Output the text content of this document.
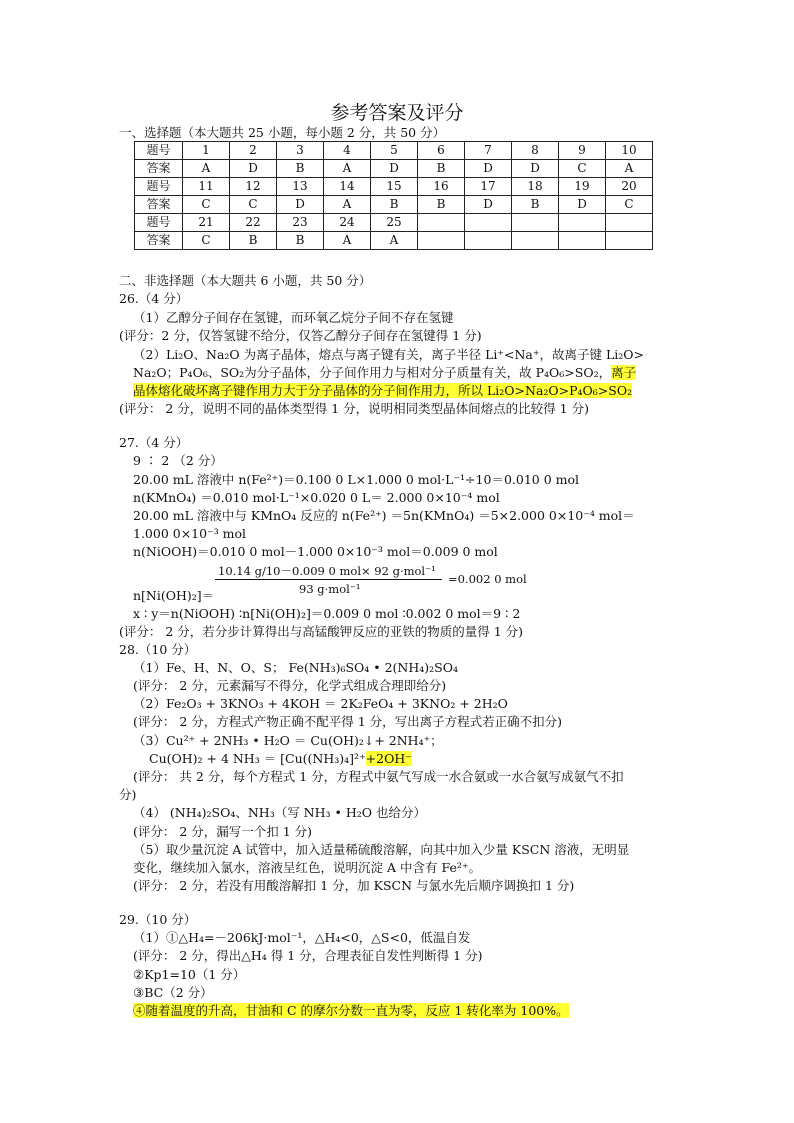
参考答案及评分
一、选择题（本大题共 25 小题，每小题 2 分，共 50 分）
题号	1	2	3	4	5	6	7	8	9	10
答案	A	D	B	A	D	B	D	D	C	A
题号	11	12	13	14	15	16	17	18	19	20
答案	C	C	D	A	B	B	D	B	D	C
题号	21	22	23	24	25					
答案	C	B	B	A	A					
二、非选择题（本大题共 6 小题，共 50 分）
26.（4 分）
（1）乙醇分子间存在氢键，而环氧乙烷分子间不存在氢键
(评分：2 分，仅答氢键不给分，仅答乙醇分子间存在氢键得 1 分)
（2）Li₂O、Na₂O 为离子晶体，熔点与离子键有关，离子半径 Li⁺<Na⁺，故离子键 Li₂O>
Na₂O；P₄O₆、SO₂为分子晶体，分子间作用力与相对分子质量有关，故 P₄O₆>SO₂，离子
晶体熔化破坏离子键作用力大于分子晶体的分子间作用力，所以 Li₂O>Na₂O>P₄O₆>SO₂
(评分： 2 分，说明不同的晶体类型得 1 分，说明相同类型晶体间熔点的比较得 1 分)
27.（4 分）
9 ∶ 2 （2 分）
20.00 mL 溶液中 n(Fe²⁺)＝0.100 0 L×1.000 0 mol·L⁻¹÷10＝0.010 0 mol
n(KMnO₄) ＝0.010 mol·L⁻¹×0.020 0 L＝ 2.000 0×10⁻⁴ mol
20.00 mL 溶液中与 KMnO₄ 反应的 n(Fe²⁺) ＝5n(KMnO₄) ＝5×2.000 0×10⁻⁴ mol＝
1.000 0×10⁻³ mol
n(NiOOH)＝0.010 0 mol－1.000 0×10⁻³ mol＝0.009 0 mol
10.14 g/10－0.009 0 mol× 92 g·mol⁻¹
93 g·mol⁻¹
=0.002 0 mol
n[Ni(OH)₂]＝
x ∶ y＝n(NiOOH) ∶n[Ni(OH)₂]＝0.009 0 mol ∶0.002 0 mol＝9 ∶ 2
(评分： 2 分，若分步计算得出与高锰酸钾反应的亚铁的物质的量得 1 分)
28.（10 分）
（1）Fe、H、N、O、S； Fe(NH₃)₆SO₄ • 2(NH₄)₂SO₄
(评分： 2 分，元素漏写不得分，化学式组成合理即给分)
（2）Fe₂O₃ + 3KNO₃ + 4KOH ＝ 2K₂FeO₄ + 3KNO₂ + 2H₂O
(评分： 2 分，方程式产物正确不配平得 1 分，写出离子方程式若正确不扣分)
（3）Cu²⁺ + 2NH₃ • H₂O ＝ Cu(OH)₂↓+ 2NH₄⁺；
Cu(OH)₂ + 4 NH₃ ＝ [Cu((NH₃)₄]²⁺+2OH⁻
(评分： 共 2 分，每个方程式 1 分，方程式中氨气写成一水合氨或一水合氨写成氨气不扣
分)
（4） (NH₄)₂SO₄、NH₃（写 NH₃ • H₂O 也给分）
(评分： 2 分，漏写一个扣 1 分)
（5）取少量沉淀 A 试管中，加入适量稀硫酸溶解，向其中加入少量 KSCN 溶液，无明显
变化，继续加入氯水，溶液呈红色，说明沉淀 A 中含有 Fe²⁺。
(评分： 2 分，若没有用酸溶解扣 1 分，加 KSCN 与氯水先后顺序调换扣 1 分)
29.（10 分）
（1）①△H₄=－206kJ·mol⁻¹，△H₄<0，△S<0，低温自发
(评分： 2 分，得出△H₄ 得 1 分，合理表征自发性判断得 1 分)
②Kp1=10（1 分）
③BC（2 分）
④随着温度的升高，甘油和 C 的摩尔分数一直为零，反应 1 转化率为 100%。
